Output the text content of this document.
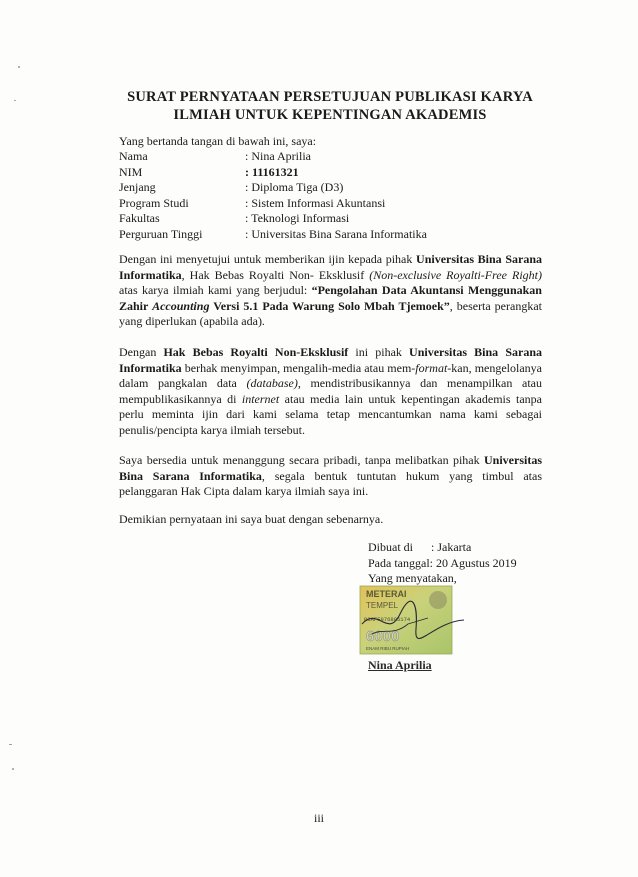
SURAT PERNYATAAN PERSETUJUAN PUBLIKASI KARYA
ILMIAH UNTUK KEPENTINGAN AKADEMIS
Yang bertanda tangan di bawah ini, saya:
Nama	: Nina Aprilia
NIM	: 11161321
Jenjang	: Diploma Tiga (D3)
Program Studi	: Sistem Informasi Akuntansi
Fakultas	: Teknologi Informasi
Perguruan Tinggi	: Universitas Bina Sarana Informatika
Dengan ini menyetujui untuk memberikan ijin kepada pihak Universitas Bina Sarana Informatika, Hak Bebas Royalti Non- Eksklusif (Non-exclusive Royalti-Free Right) atas karya ilmiah kami yang berjudul: “Pengolahan Data Akuntansi Menggunakan Zahir Accounting Versi 5.1 Pada Warung Solo Mbah Tjemoek”, beserta perangkat yang diperlukan (apabila ada).
Dengan Hak Bebas Royalti Non-Eksklusif ini pihak Universitas Bina Sarana Informatika berhak menyimpan, mengalih-media atau mem-format-kan, mengelolanya dalam pangkalan data (database), mendistribusikannya dan menampilkan atau mempublikasikannya di internet atau media lain untuk kepentingan akademis tanpa perlu meminta ijin dari kami selama tetap mencantumkan nama kami sebagai penulis/pencipta karya ilmiah tersebut.
Saya bersedia untuk menanggung secara pribadi, tanpa melibatkan pihak Universitas Bina Sarana Informatika, segala bentuk tuntutan hukum yang timbul atas pelanggaran Hak Cipta dalam karya ilmiah saya ini.
Demikian pernyataan ini saya buat dengan sebenarnya.
Dibuat di      : Jakarta
Pada tanggal: 20 Agustus 2019
Yang menyatakan,
METERAI
TEMPEL
B3AFF976885174
6000
ENAM RIBU RUPIAH
Nina Aprilia
iii
